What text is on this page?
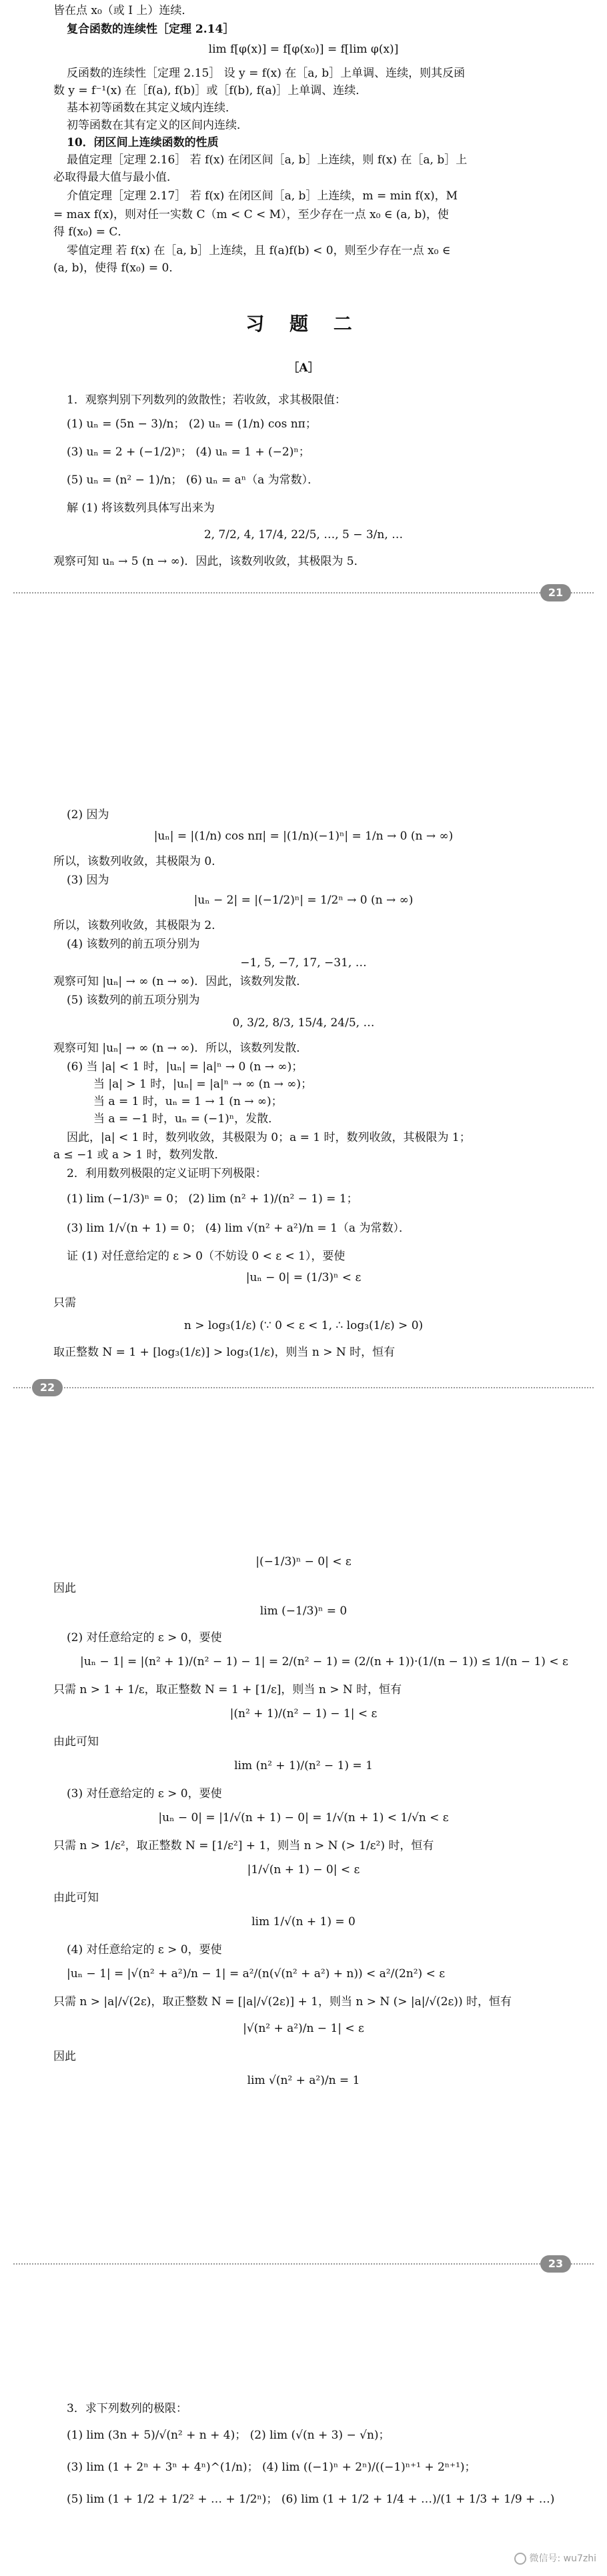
皆在点 x₀（或 I 上）连续．
复合函数的连续性［定理 2.14］
lim f[φ(x)] = f[φ(x₀)] = f[lim φ(x)]
反函数的连续性［定理 2.15］ 设 y = f(x) 在［a, b］上单调、连续，则其反函
数 y = f⁻¹(x) 在［f(a), f(b)］或［f(b), f(a)］上单调、连续．
基本初等函数在其定义域内连续．
初等函数在其有定义的区间内连续．
10．闭区间上连续函数的性质
最值定理［定理 2.16］ 若 f(x) 在闭区间［a, b］上连续，则 f(x) 在［a, b］上
必取得最大值与最小值．
介值定理［定理 2.17］ 若 f(x) 在闭区间［a, b］上连续，m = min f(x)，M
= max f(x)，则对任一实数 C（m < C < M），至少存在一点 x₀ ∈ (a, b)，使
得 f(x₀) = C．
零值定理 若 f(x) 在［a, b］上连续，且 f(a)f(b) < 0，则至少存在一点 x₀ ∈
(a, b)，使得 f(x₀) = 0．
习 题 二
［A］
1．观察判别下列数列的敛散性；若收敛，求其极限值：
(1) uₙ = (5n − 3)/n； (2) uₙ = (1/n) cos nπ；
(3) uₙ = 2 + (−1/2)ⁿ； (4) uₙ = 1 + (−2)ⁿ；
(5) uₙ = (n² − 1)/n； (6) uₙ = aⁿ（a 为常数）．
解 (1) 将该数列具体写出来为
2, 7/2, 4, 17/4, 22/5, …, 5 − 3/n, …
观察可知 uₙ → 5 (n → ∞)．因此，该数列收敛，其极限为 5．
21
(2) 因为
|uₙ| = |(1/n) cos nπ| = |(1/n)(−1)ⁿ| = 1/n → 0 (n → ∞)
所以，该数列收敛，其极限为 0．
(3) 因为
|uₙ − 2| = |(−1/2)ⁿ| = 1/2ⁿ → 0 (n → ∞)
所以，该数列收敛，其极限为 2．
(4) 该数列的前五项分别为
−1, 5, −7, 17, −31, …
观察可知 |uₙ| → ∞ (n → ∞)．因此，该数列发散．
(5) 该数列的前五项分别为
0, 3/2, 8/3, 15/4, 24/5, …
观察可知 |uₙ| → ∞ (n → ∞)．所以，该数列发散．
(6) 当 |a| < 1 时，|uₙ| = |a|ⁿ → 0 (n → ∞)；
当 |a| > 1 时，|uₙ| = |a|ⁿ → ∞ (n → ∞)；
当 a = 1 时，uₙ = 1 → 1 (n → ∞)；
当 a = −1 时，uₙ = (−1)ⁿ，发散．
因此，|a| < 1 时，数列收敛，其极限为 0；a = 1 时，数列收敛，其极限为 1；
a ≤ −1 或 a > 1 时，数列发散．
2．利用数列极限的定义证明下列极限：
(1) lim (−1/3)ⁿ = 0； (2) lim (n² + 1)/(n² − 1) = 1；
(3) lim 1/√(n + 1) = 0； (4) lim √(n² + a²)/n = 1（a 为常数）．
证 (1) 对任意给定的 ε > 0（不妨设 0 < ε < 1），要使
|uₙ − 0| = (1/3)ⁿ < ε
只需
n > log₃(1/ε) (∵ 0 < ε < 1, ∴ log₃(1/ε) > 0)
取正整数 N = 1 + [log₃(1/ε)] > log₃(1/ε)，则当 n > N 时，恒有
22
|(−1/3)ⁿ − 0| < ε
因此
lim (−1/3)ⁿ = 0
(2) 对任意给定的 ε > 0，要使
|uₙ − 1| = |(n² + 1)/(n² − 1) − 1| = 2/(n² − 1) = (2/(n + 1))·(1/(n − 1)) ≤ 1/(n − 1) < ε
只需 n > 1 + 1/ε，取正整数 N = 1 + [1/ε]，则当 n > N 时，恒有
|(n² + 1)/(n² − 1) − 1| < ε
由此可知
lim (n² + 1)/(n² − 1) = 1
(3) 对任意给定的 ε > 0，要使
|uₙ − 0| = |1/√(n + 1) − 0| = 1/√(n + 1) < 1/√n < ε
只需 n > 1/ε²，取正整数 N = [1/ε²] + 1，则当 n > N (> 1/ε²) 时，恒有
|1/√(n + 1) − 0| < ε
由此可知
lim 1/√(n + 1) = 0
(4) 对任意给定的 ε > 0，要使
|uₙ − 1| = |√(n² + a²)/n − 1| = a²/(n(√(n² + a²) + n)) < a²/(2n²) < ε
只需 n > |a|/√(2ε)，取正整数 N = [|a|/√(2ε)] + 1，则当 n > N (> |a|/√(2ε)) 时，恒有
|√(n² + a²)/n − 1| < ε
因此
lim √(n² + a²)/n = 1
23
3．求下列数列的极限：
(1) lim (3n + 5)/√(n² + n + 4)； (2) lim (√(n + 3) − √n)；
(3) lim (1 + 2ⁿ + 3ⁿ + 4ⁿ)^(1/n)； (4) lim ((−1)ⁿ + 2ⁿ)/((−1)ⁿ⁺¹ + 2ⁿ⁺¹)；
(5) lim (1 + 1/2 + 1/2² + … + 1/2ⁿ)； (6) lim (1 + 1/2 + 1/4 + …)/(1 + 1/3 + 1/9 + …)
微信号: wu7zhi
